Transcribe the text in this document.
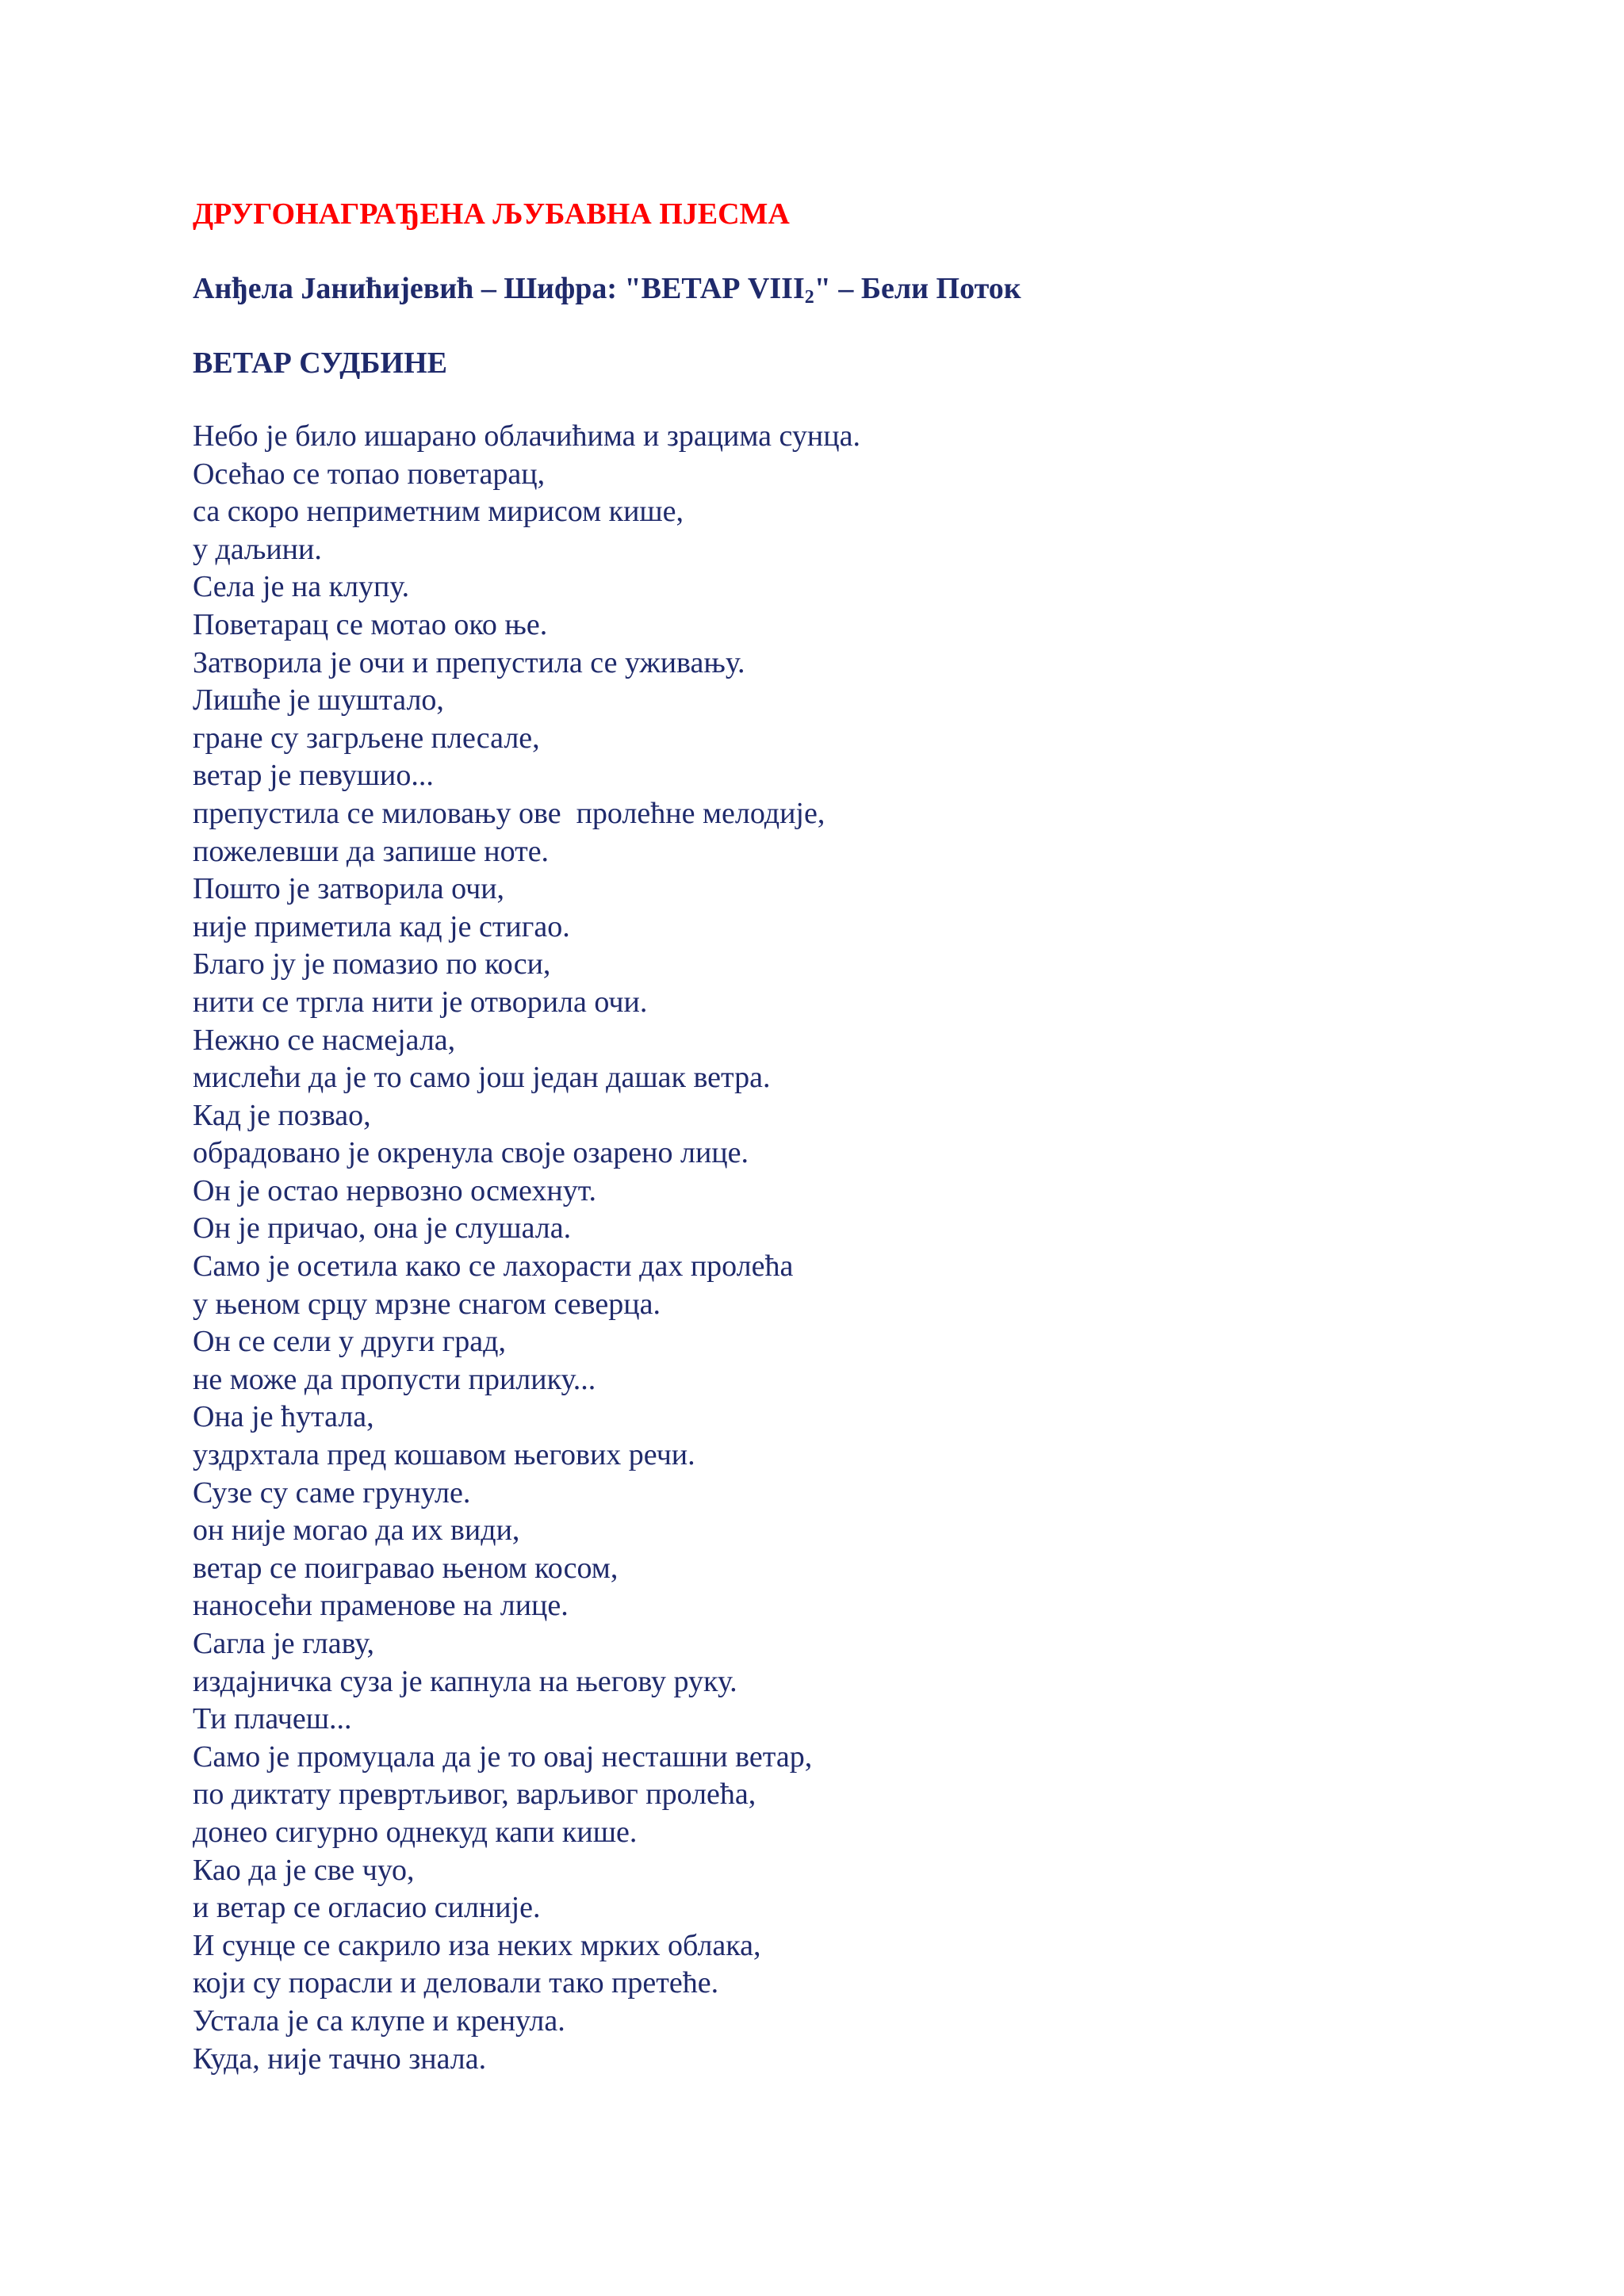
ДРУГОНАГРАЂЕНА ЉУБАВНА ПЈЕСМА

Анђела Јанићијевић – Шифра: "ВЕТАР $VIII_2$" – Бели Поток

ВЕТАР СУДБИНЕ
Небо је било ишарано облачићима и зрацима сунца.
Осећао се топао поветарац,
са скоро неприметним мирисом кише,
у даљини.
Села је на клупу.
Поветарац се мотао око ње.
Затворила је очи и препустила се уживању.
Лишће је шуштало,
гране су загрљене плесале,
ветар је певушио...
препустила се миловању ове  пролећне мелодије,
пожелевши да запише ноте.
Пошто је затворила очи,
није приметила кад је стигао.
Благо ју је помазио по коси,
нити се тргла нити је отворила очи.
Нежно се насмејала,
мислећи да је то само још један дашак ветра.
Кад је позвао,
обрадовано је окренула своје озарено лице.
Он је остао нервозно осмехнут.
Он је причао, она је слушала.
Само је осетила како се лахорасти дах пролећа
у њеном срцу мрзне снагом северца.
Он се сели у други град,
не може да пропусти прилику...
Она је ћутала,
уздрхтала пред кошавом његових речи.
Сузе су саме грунуле.
он није могао да их види,
ветар се поигравао њеном косом,
наносећи праменове на лице.
Сагла је главу,
издајничка суза је капнула на његову руку.
Ти плачеш...
Само је промуцала да је то овај несташни ветар,
по диктату превртљивог, варљивог пролећа,
донео сигурно однекуд капи кише.
Као да је све чуо,
и ветар се огласио силније.
И сунце се сакрило иза неких мрких облака,
који су порасли и деловали тако претеће.
Устала је са клупе и кренула.
Куда, није тачно знала.
